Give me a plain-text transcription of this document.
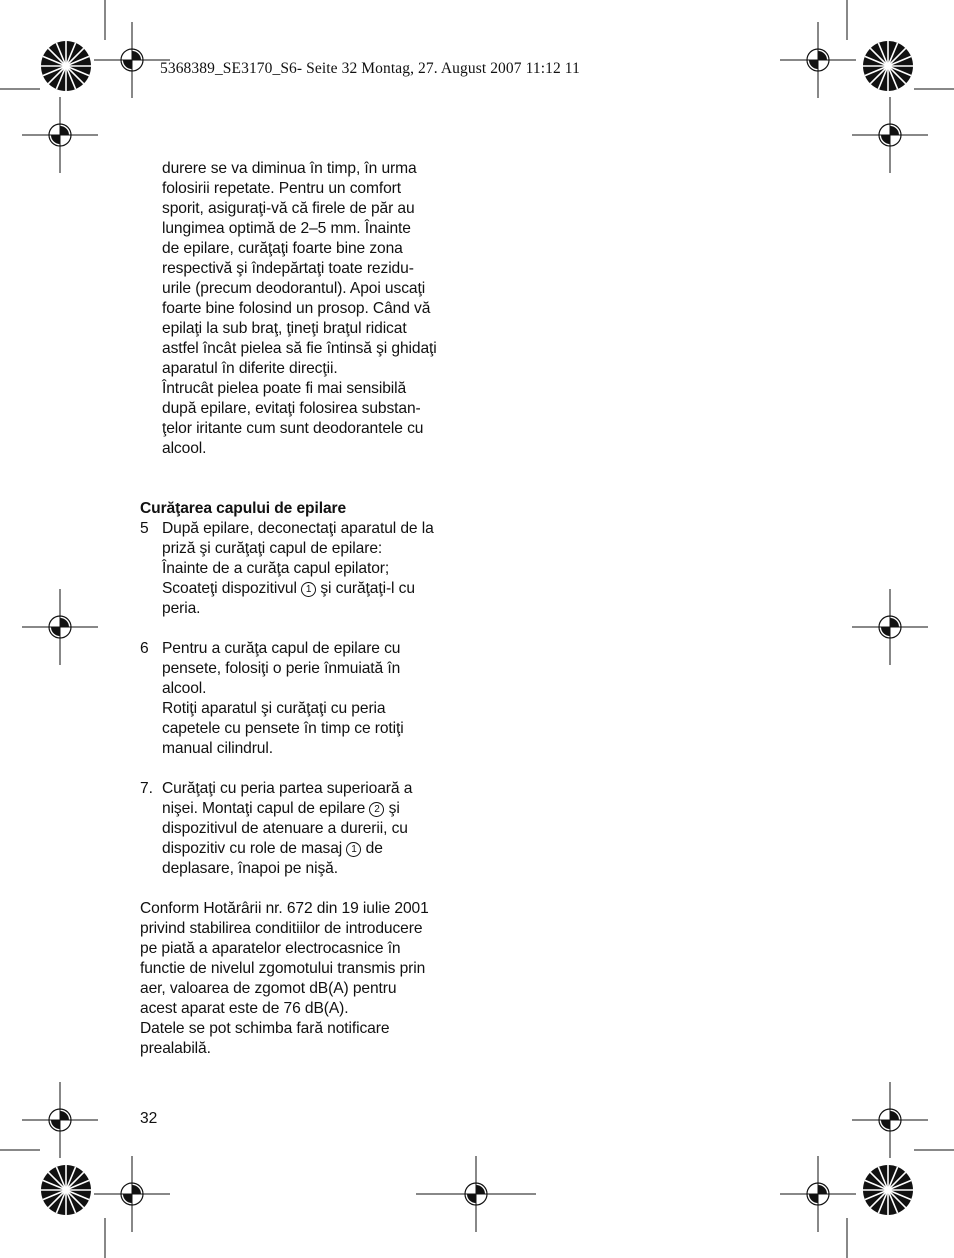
5368389_SE3170_S6- Seite 32 Montag, 27. August 2007 11:12 11

durere se va diminua în timp, în urma

folosirii repetate. Pentru un comfort

sporit, asiguraţi-vă că firele de păr au

lungimea optimă de 2–5 mm. Înainte

de epilare, curăţaţi foarte bine zona

respectivă şi îndepărtaţi toate rezidu-

urile (precum deodorantul). Apoi uscaţi

foarte bine folosind un prosop. Când vă

epilaţi la sub braţ, ţineţi braţul ridicat

astfel încât pielea să fie întinsă şi ghidaţi

aparatul în diferite direcţii.

Întrucât pielea poate fi mai sensibilă

după epilare, evitaţi folosirea substan-

ţelor iritante cum sunt deodorantele cu

alcool.

Curăţarea capului de epilare

5 După epilare, deconectaţi aparatul de la

priză şi curăţaţi capul de epilare:

Înainte de a curăţa capul epilator;

Scoateţi dispozitivul 1 şi curăţaţi-l cu

peria.

6 Pentru a curăţa capul de epilare cu

pensete, folosiţi o perie înmuiată în

alcool.

Rotiţi aparatul şi curăţaţi cu peria

capetele cu pensete în timp ce rotiţi

manual cilindrul.

7. Curăţaţi cu peria partea superioară a

nişei. Montaţi capul de epilare 2 şi

dispozitivul de atenuare a durerii, cu

dispozitiv cu role de masaj 1 de

deplasare, înapoi pe nişă.

Conform Hotărârii nr. 672 din 19 iulie 2001

privind stabilirea conditiilor de introducere

pe piată a aparatelor electrocasnice în

functie de nivelul zgomotului transmis prin

aer, valoarea de zgomot dB(A) pentru

acest aparat este de 76 dB(A).

Datele se pot schimba fară notificare

prealabilă.

32
